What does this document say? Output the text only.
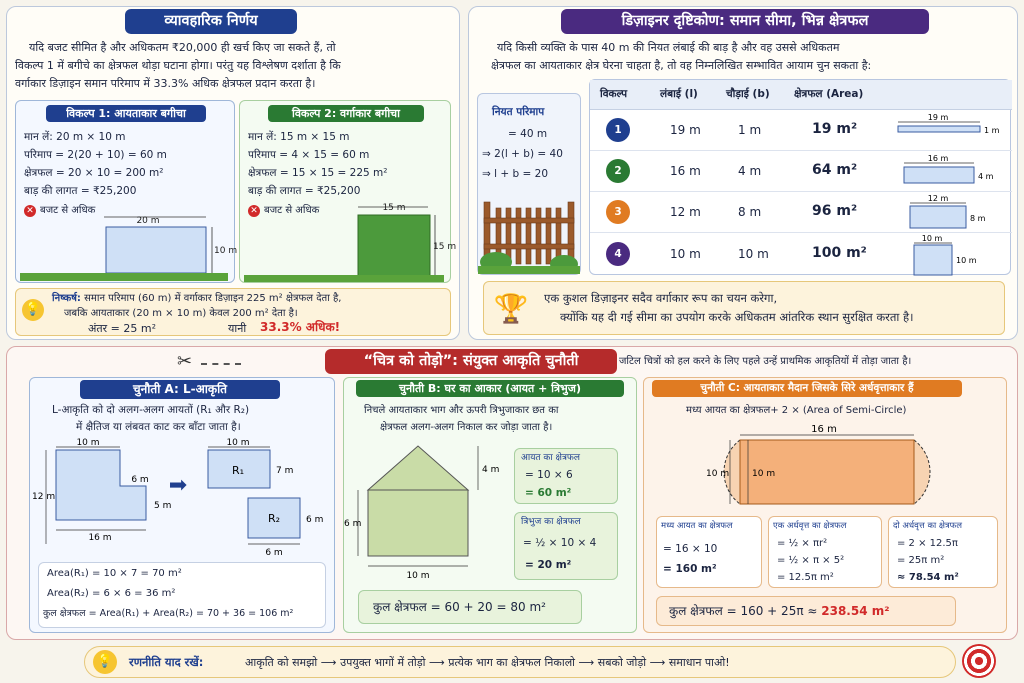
व्यावहारिक निर्णय
यदि बजट सीमित है और अधिकतम ₹20,000 ही खर्च किए जा सकते हैं, तो
विकल्प 1 में बगीचे का क्षेत्रफल थोड़ा घटाना होगा। परंतु यह विश्लेषण दर्शाता है कि
वर्गाकार डिज़ाइन समान परिमाप में 33.3% अधिक क्षेत्रफल प्रदान करता है।
विकल्प 1: आयताकार बगीचा
मान लें: 20 m × 10 m
परिमाप = 2(20 + 10) = 60 m
क्षेत्रफल = 20 × 10 = 200 m²
बाड़ की लागत = ₹25,200
✕ बजट से अधिक
20 m
10 m
विकल्प 2: वर्गाकार बगीचा
मान लें: 15 m × 15 m
परिमाप = 4 × 15 = 60 m
क्षेत्रफल = 15 × 15 = 225 m²
बाड़ की लागत = ₹25,200
✕ बजट से अधिक	15 m
15 m
💡
निष्कर्ष: समान परिमाप (60 m) में वर्गाकार डिज़ाइन 225 m² क्षेत्रफल देता है,
जबकि आयताकार (20 m × 10 m) केवल 200 m² देता है।
अंतर = 25 m²	यानी 33.3% अधिक!
डिज़ाइनर दृष्टिकोण: समान सीमा, भिन्न क्षेत्रफल
यदि किसी व्यक्ति के पास 40 m की नियत लंबाई की बाड़ है और वह उससे अधिकतम
क्षेत्रफल का आयताकार क्षेत्र घेरना चाहता है, तो वह निम्नलिखित सम्भावित आयाम चुन सकता है:
नियत परिमाप
= 40 m
⇒ 2(l + b) = 40
⇒ l + b = 20
विकल्प	लंबाई (l)	चौड़ाई (b) क्षेत्रफल (Area)
1	19 m	1 m	19 m²
19 m
1 m
2	16 m	4 m	64 m²
16 m
4 m
3	12 m	8 m	96 m²
12 m
8 m
4	10 m	10 m	100 m²
10 m
10 m
🏆 एक कुशल डिज़ाइनर सदैव वर्गाकार रूप का चयन करेगा,
क्योंकि यह दी गई सीमा का उपयोग करके अधिकतम आंतरिक स्थान सुरक्षित करता है।
✂	“चित्र को तोड़ो”: संयुक्त आकृति चुनौती	जटिल चित्रों को हल करने के लिए पहले उन्हें प्राथमिक आकृतियों में तोड़ा जाता है।
चुनौती A: L-आकृति
L-आकृति को दो अलग-अलग आयतों (R₁ और R₂)
में क्षैतिज या लंबवत काट कर बाँटा जाता है।
10 m
12 m
6 m
5 m
16 m
➡
10 m
R₁	7 m
R₂	6 m
6 m
Area(R₁) = 10 × 7 = 70 m²
Area(R₂) = 6 × 6 = 36 m²
कुल क्षेत्रफल = Area(R₁) + Area(R₂) = 70 + 36 = 106 m²
चुनौती B: घर का आकार (आयत + त्रिभुज)
निचले आयताकार भाग और ऊपरी त्रिभुजाकार छत का
क्षेत्रफल अलग-अलग निकाल कर जोड़ा जाता है।
4 m
6 m
10 m
आयत का क्षेत्रफल
= 10 × 6
= 60 m²
त्रिभुज का क्षेत्रफल
= ½ × 10 × 4
= 20 m²
कुल क्षेत्रफल = 60 + 20 = 80 m²
चुनौती C: आयताकार मैदान जिसके सिरे अर्धवृत्ताकार हैं
मध्य आयत का क्षेत्रफल+ 2 × (Area of Semi-Circle)
16 m
10 m	10 m
मध्य आयत का क्षेत्रफल
= 16 × 10
= 160 m²
एक अर्धवृत्त का क्षेत्रफल
= ½ × πr²
= ½ × π × 5²
= 12.5π m²
दो अर्धवृत्त का क्षेत्रफल
= 2 × 12.5π
= 25π m²
≈ 78.54 m²
कुल क्षेत्रफल = 160 + 25π ≈ 238.54 m²
💡	रणनीति याद रखें:	आकृति को समझो ⟶ उपयुक्त भागों में तोड़ो ⟶ प्रत्येक भाग का क्षेत्रफल निकालो ⟶ सबको जोड़ो ⟶ समाधान पाओ!
